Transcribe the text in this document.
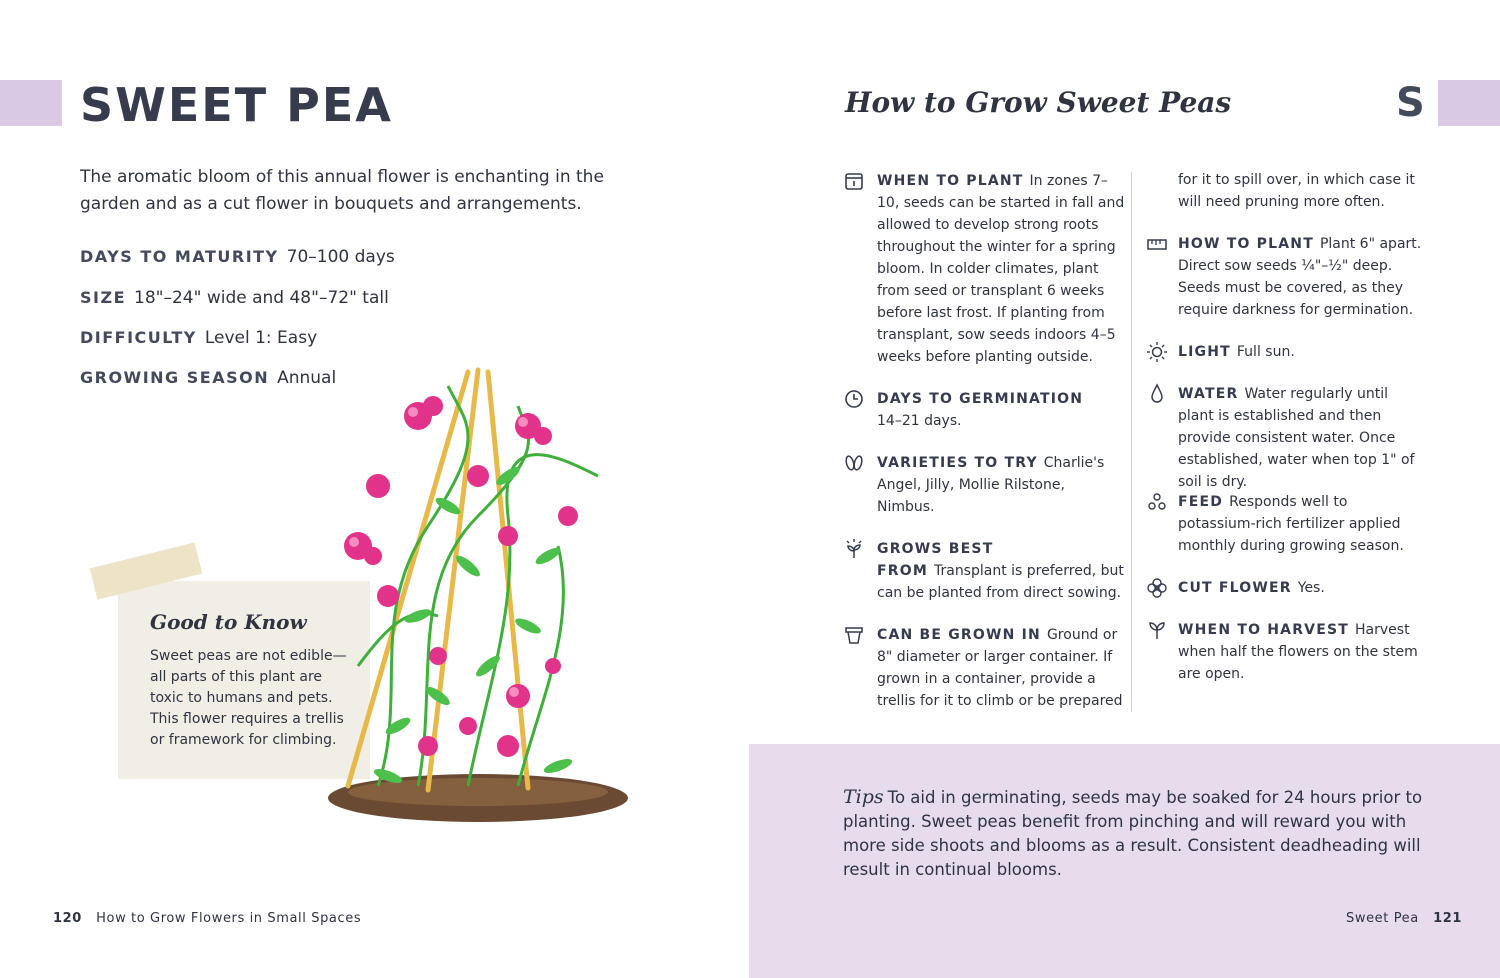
SWEET PEA

The aromatic bloom of this annual flower is enchanting in the garden and as a cut flower in bouquets and arrangements.

DAYS TO MATURITY 70–100 days
SIZE 18"–24" wide and 48"–72" tall
DIFFICULTY Level 1: Easy
GROWING SEASON Annual
Good to Know

Sweet peas are not edible—all parts of this plant are toxic to humans and pets. This flower requires a trellis or framework for climbing.

120 How to Grow Flowers in Small Spaces
How to Grow Sweet Peas	S
WHEN TO PLANT In zones 7–10, seeds can be started in fall and allowed to develop strong roots throughout the winter for a spring bloom. In colder climates, plant from seed or transplant 6 weeks before last frost. If planting from transplant, sow seeds indoors 4–5 weeks before planting outside.
DAYS TO GERMINATION
14–21 days.
VARIETIES TO TRY Charlie's Angel, Jilly, Mollie Rilstone, Nimbus.
GROWS BEST FROM Transplant is preferred, but can be planted from direct sowing.
CAN BE GROWN IN Ground or 8" diameter or larger container. If grown in a container, provide a trellis for it to climb or be prepared
for it to spill over, in which case it will need pruning more often.
HOW TO PLANT Plant 6" apart. Direct sow seeds ¼"–½" deep. Seeds must be covered, as they require darkness for germination.
LIGHT Full sun.
WATER Water regularly until plant is established and then provide consistent water. Once established, water when top 1" of soil is dry.
FEED Responds well to potassium-rich fertilizer applied monthly during growing season.
CUT FLOWER Yes.
WHEN TO HARVEST Harvest when half the flowers on the stem are open.

Tips To aid in germinating, seeds may be soaked for 24 hours prior to planting. Sweet peas benefit from pinching and will reward you with more side shoots and blooms as a result. Consistent deadheading will result in continual blooms.

Sweet Pea 121
